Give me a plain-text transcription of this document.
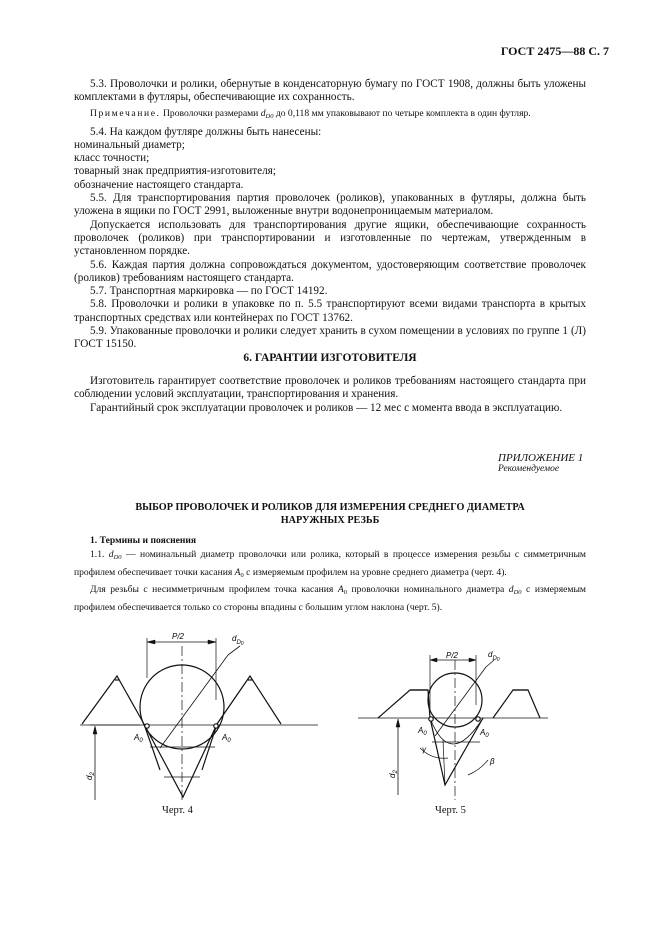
ГОСТ 2475—88 С. 7

5.3. Проволочки и ролики, обернутые в конденсаторную бумагу по ГОСТ 1908, должны быть уложены комплектами в футляры, обеспечивающие их сохранность.

Примечание. Проволочки размерами $d_{D0}$ до 0,118 мм упаковывают по четыре комплекта в один футляр.

5.4. На каждом футляре должны быть нанесены:

номинальный диаметр;

класс точности;

товарный знак предприятия-изготовителя;

обозначение настоящего стандарта.

5.5. Для транспортирования партия проволочек (роликов), упакованных в футляры, должна быть уложена в ящики по ГОСТ 2991, выложенные внутри водонепроницаемым материалом.

Допускается использовать для транспортирования другие ящики, обеспечивающие сохранность проволочек (роликов) при транспортировании и изготовленные по чертежам, утвержденным в установленном порядке.

5.6. Каждая партия должна сопровождаться документом, удостоверяющим соответствие проволочек (роликов) требованиям настоящего стандарта.

5.7. Транспортная маркировка — по ГОСТ 14192.

5.8. Проволочки и ролики в упаковке по п. 5.5 транспортируют всеми видами транспорта в крытых транспортных средствах или контейнерах по ГОСТ 13762.

5.9. Упакованные проволочки и ролики следует хранить в сухом помещении в условиях по группе 1 (Л) ГОСТ 15150.

6. ГАРАНТИИ ИЗГОТОВИТЕЛЯ

Изготовитель гарантирует соответствие проволочек и роликов требованиям настоящего стандарта при соблюдении условий эксплуатации, транспортирования и хранения.

Гарантийный срок эксплуатации проволочек и роликов — 12 мес с момента ввода в эксплуатацию.

ПРИЛОЖЕНИЕ 1
Рекомендуемое
ВЫБОР ПРОВОЛОЧЕК И РОЛИКОВ ДЛЯ ИЗМЕРЕНИЯ СРЕДНЕГО ДИАМЕТРА
НАРУЖНЫХ РЕЗЬБ
1. Термины и пояснения
1.1. $d_{D0}$ — номинальный диаметр проволочки или ролика, который в процессе измерения резьбы с симметричным профилем обеспечивает точки касания $A_0$ с измеряемым профилем на уровне среднего диаметра (черт. 4).
Для резьбы с несимметричным профилем точка касания $A_0$ проволочки номинального диаметра $d_{D0}$ с измеряемым профилем обеспечивается только со стороны впадины с большим углом наклона (черт. 5).
P/2	$d_D0$
$A_0$	$A_0$
$d_2$
P/2	$d_D0$
$A_0$	$A_0$
γ
β
$d_2$
Черт. 4	Черт. 5
